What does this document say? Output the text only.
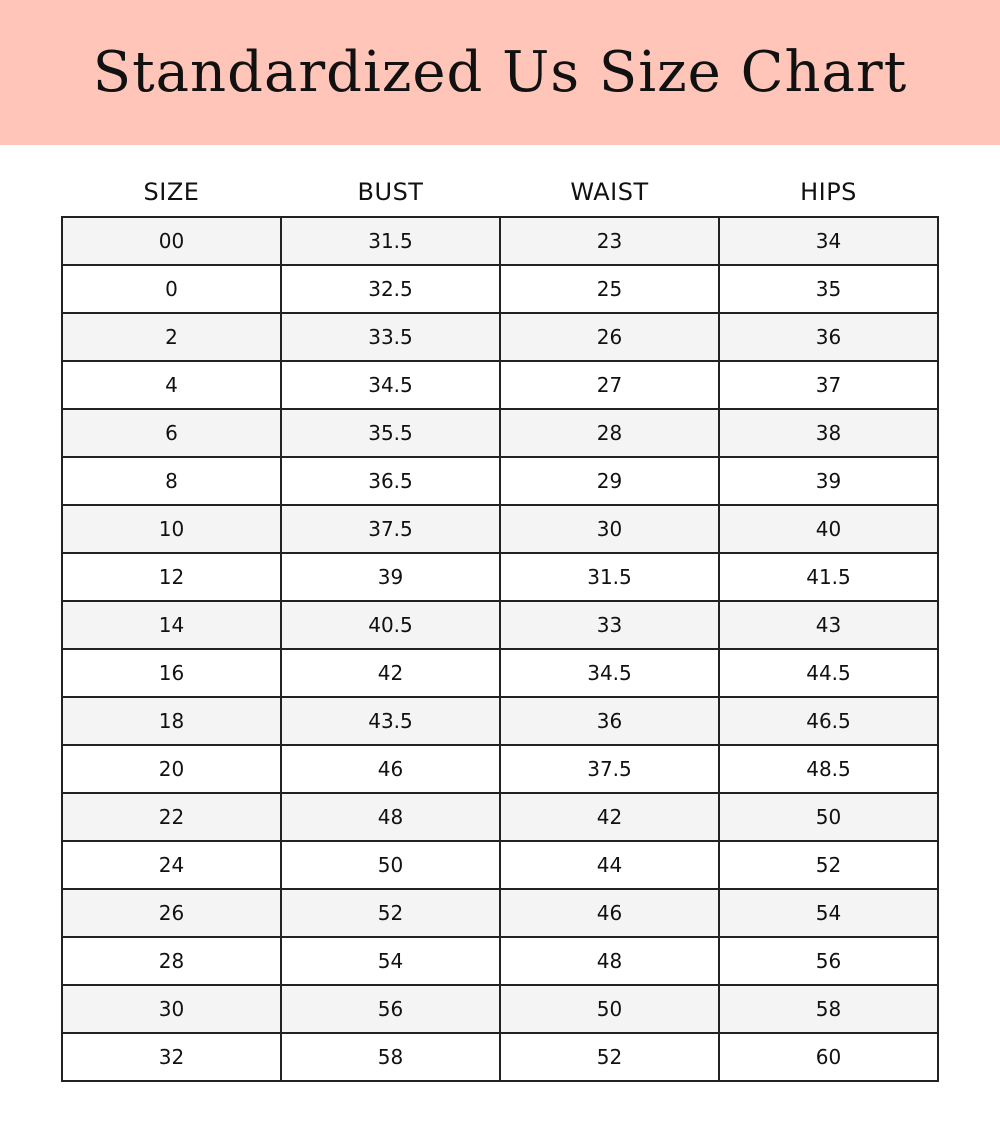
Standardized Us Size Chart
SIZE	BUST	WAIST	HIPS
00	31.5	23	34
0	32.5	25	35
2	33.5	26	36
4	34.5	27	37
6	35.5	28	38
8	36.5	29	39
10	37.5	30	40
12	39	31.5	41.5
14	40.5	33	43
16	42	34.5	44.5
18	43.5	36	46.5
20	46	37.5	48.5
22	48	42	50
24	50	44	52
26	52	46	54
28	54	48	56
30	56	50	58
32	58	52	60
